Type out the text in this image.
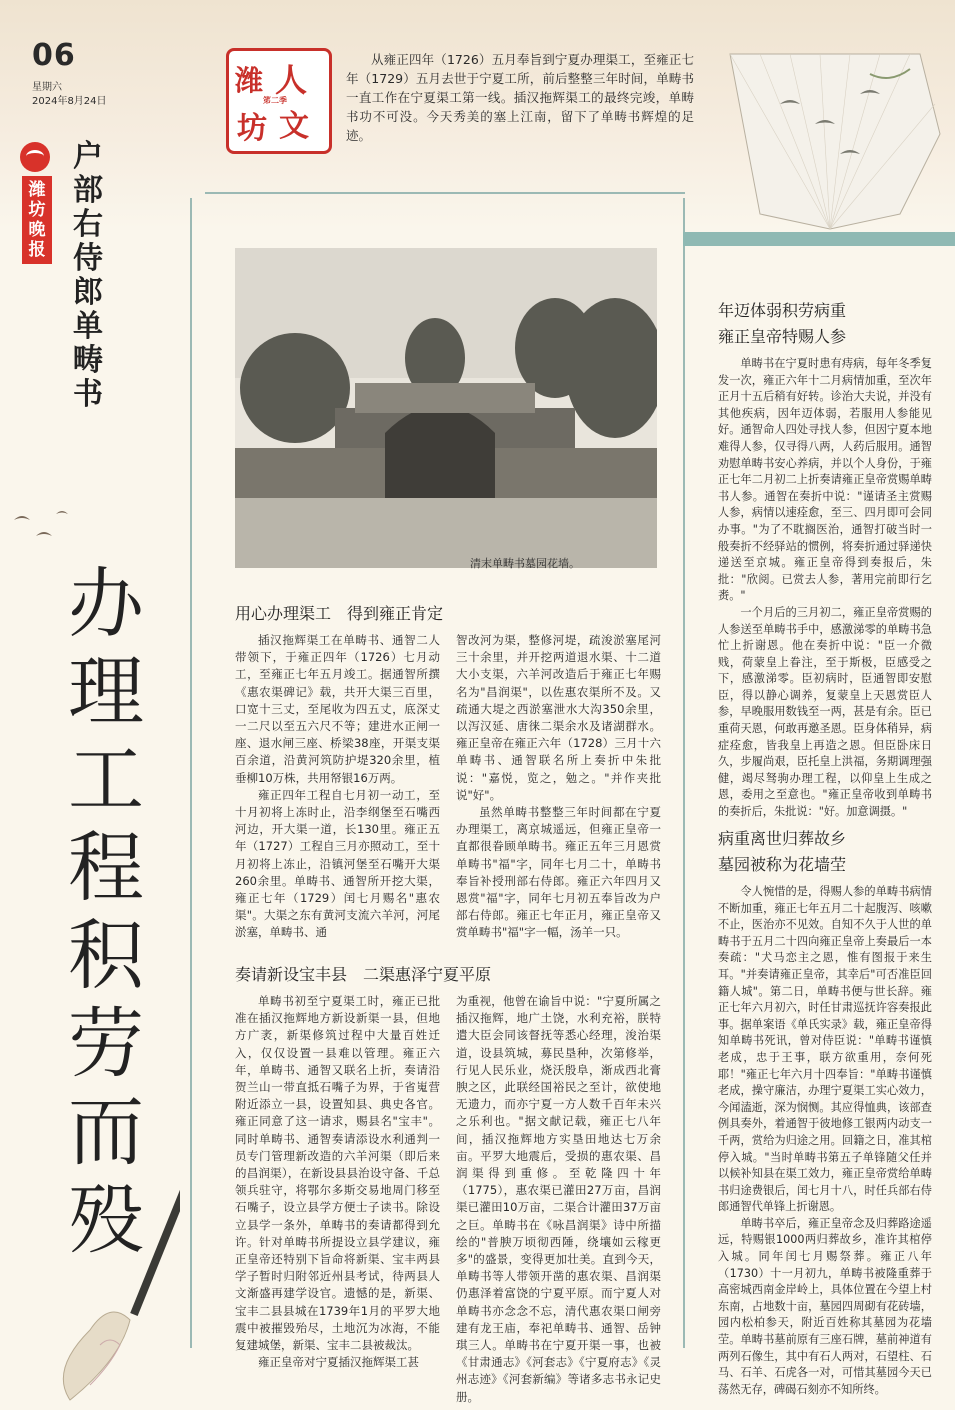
06
星期六
2024年8月24日
潍坊晚报
户部右侍郎单畴书
办理工程积劳而殁
潍 人
坊 文
笫二季
从雍正四年（1726）五月奉旨到宁夏办理渠工，至雍正七年（1729）五月去世于宁夏工所，前后整整三年时间，单畴书一直工作在宁夏渠工第一线。插汉拖辉渠工的最终完竣，单畴书功不可没。今天秀美的塞上江南，留下了单畴书辉煌的足迹。
清末单畴书墓园花墙。
用心办理渠工　得到雍正肯定

插汉拖辉渠工在单畴书、通智二人带领下，于雍正四年（1726）七月动工，至雍正七年五月竣工。据通智所撰《惠农渠碑记》载，共开大渠三百里，口宽十三丈，至尾收为四五丈，底深丈一二尺以至五六尺不等；建进水正闸一座、退水闸三座、桥梁38座，开渠支渠百余道，沿黄河筑防护堤320余里，植垂柳10万株，共用帑银16万两。

雍正四年工程自七月初一动工，至十月初将上冻时止，沿李纲堡至石嘴西河边，开大渠一道，长130里。雍正五年（1727）工程自三月亦照动工，至十月初将上冻止，沿镇河堡至石嘴开大渠260余里。单畴书、通智所开挖大渠，雍正七年（1729）闰七月赐名"惠农渠"。大渠之东有黄河支流六羊河，河尾淤塞，单畴书、通

智改河为渠，整修河堤，疏浚淤塞尾河三十余里，并开挖两道退水渠、十二道大小支渠，六羊河改造后于雍正七年赐名为"昌润渠"，以佐惠农渠所不及。又疏通大堤之西淤塞泄水大沟350余里，以泻汉延、唐徕二渠余水及诸湖群水。雍正皇帝在雍正六年（1728）三月十六单畴书、通智联名所上奏折中朱批说："嘉悦，览之，勉之。"并作夹批说"好"。

虽然单畴书整整三年时间都在宁夏办理渠工，离京城遥远，但雍正皇帝一直都很眷顾单畴书。雍正五年三月恩赏单畴书"福"字，同年七月二十，单畴书奉旨补授刑部右侍郎。雍正六年四月又恩赏"福"字，同年七月初五奉旨改为户部右侍郎。雍正七年正月，雍正皇帝又赏单畴书"福"字一幅，汤羊一只。

奏请新设宝丰县　二渠惠泽宁夏平原

单畴书初至宁夏渠工时，雍正已批准在插汉拖辉地方新设新渠一县，但地方广袤，新渠修筑过程中大量百姓迁入，仅仅设置一县难以管理。雍正六年，单畴书、通智又联名上折，奏请沿贺兰山一带直抵石嘴子为界，于省嵬营附近添立一县，设置知县、典史各官。雍正同意了这一请求，赐县名"宝丰"。同时单畴书、通智奏请添设水利通判一员专门管理新改造的六羊河渠（即后来的昌润渠），在新设县县治设守备、千总领兵驻守，将鄂尔多斯交易地周门移至石嘴子，设立县学方便士子读书。除设立县学一条外，单畴书的奏请都得到允许。针对单畴书所提设立县学建议，雍正皇帝还特别下旨命将新渠、宝丰两县学子暂时归附邻近州县考试，待两县人文渐盛再建学设官。遗憾的是，新渠、宝丰二县县城在1739年1月的平罗大地震中被摧毁殆尽，土地沉为冰海，不能复建城堡，新渠、宝丰二县被裁汰。

雍正皇帝对宁夏插汉拖辉渠工甚

为重视，他曾在谕旨中说："宁夏所属之插汉拖辉，地广土饶，水利充裕，朕特遣大臣会同该督抚等悉心经理，浚治渠道，设县筑城，募民垦种，次第修举，行见人民乐业，烧沃殷阜，渐成西北膏腴之区，此联经国裕民之至计，欲使地无遗力，而亦宁夏一方人数千百年未兴之乐利也。"据文献记载，雍正七八年间，插汉拖辉地方实垦田地达七万余亩。平罗大地震后，受损的惠农渠、昌润渠得到重修。至乾隆四十年（1775），惠农渠已灌田27万亩，昌润渠已灌田10万亩，二渠合计灌田37万亩之巨。单畴书在《咏昌润渠》诗中所描绘的"普腴万顷彻西陲，绕壤如云稼更多"的盛景，变得更加壮美。直到今天，单畴书等人带领开凿的惠农渠、昌润渠仍惠泽着富饶的宁夏平原。而宁夏人对单畴书亦念念不忘，清代惠农渠口闸旁建有龙王庙，奉祀单畴书、通智、岳钟琪三人。单畴书在宁夏开渠一事，也被《甘肃通志》《河套志》《宁夏府志》《灵州志迹》《河套新编》等诸多志书永记史册。

年迈体弱积劳病重
雍正皇帝特赐人参

单畴书在宁夏时患有痔病，每年冬季复发一次，雍正六年十二月病情加重，至次年正月十五后稍有好转。诊治大夫说，并没有其他疾病，因年迈体弱，若服用人参能见好。通智命人四处寻找人参，但因宁夏本地难得人参，仅寻得八两，人药后服用。通智劝慰单畴书安心养病，并以个人身份，于雍正七年二月初二上折奏请雍正皇帝赏赐单畴书人参。通智在奏折中说："谨请圣主赏赐人参，病情以速痊愈，至三、四月即可会同办事。"为了不耽搁医治，通智打破当时一般奏折不经驿站的惯例，将奏折通过驿递快递送至京城。雍正皇帝得到奏报后，朱批："欣阅。已赏去人参，著用完前即行乞赉。"

一个月后的三月初二，雍正皇帝赏赐的人参送至单畴书手中，感激涕零的单畴书急忙上折谢恩。他在奏折中说："臣一介微贱，荷蒙皇上眷注，至于斯极，臣感受之下，感激涕零。臣初病时，臣通智即安慰臣，得以静心调养，复蒙皇上天恩赏臣人参，早晚服用数钱至一两，甚是有余。臣已重荷天恩，何敢再邀圣恩。臣身体稍异，病症痊愈，皆我皇上再造之恩。但臣卧床日久，步履尚艰，臣托皇上洪福，务期调理强健，竭尽驽驹办理工程，以仰皇上生成之恩，委用之至意也。"雍正皇帝收到单畴书的奏折后，朱批说："好。加意调摄。"

病重离世归葬故乡
墓园被称为花墙茔

令人惋惜的是，得赐人参的单畴书病情不断加重，雍正七年五月二十起腹泻、咳嗽不止，医治亦不见效。自知不久于人世的单畴书于五月二十四向雍正皇帝上奏最后一本奏疏："犬马恋主之恩，惟有图报于来生耳。"并奏请雍正皇帝，其幸后"可否准臣回籍人城"。第二日，单畴书便与世长辞。雍正七年六月初六，时任甘肃巡抚许容奏报此事。据单案语《单氏实录》载，雍正皇帝得知单畴书死讯，曾对侍臣说："单畴书谨慎老成，忠于王事，联方欲重用，奈何死耶！"雍正七年六月十四奉旨："单畴书谨慎老成，操守廉洁，办理宁夏渠工实心效力，今闻溘逝，深为悯恻。其应得恤典，该部查例具奏外，着通智于彼地修工银两内动支一千两，赏给为归途之用。回籍之日，准其棺停入城。"当时单畴书第五子单锋随父任并以候补知县在渠工效力，雍正皇帝赏给单畴书归途费银后，闰七月十八，时任兵部右侍郎通智代单锋上折谢恩。

单畴书卒后，雍正皇帝念及归葬路途遥远，特赐银1000两归葬故乡，准许其棺停入城。同年闰七月赐祭葬。雍正八年（1730）十一月初九，单畴书被隆重葬于高密城西南金岸岭上，具体位置在今望上村东南，占地数十亩，墓园四周砌有花砖墙，园内松柏参天，附近百姓称其墓园为花墙茔。单畴书墓前原有三座石牌，墓前神道有两列石像生，其中有石人两对，石望柱、石马、石羊、石虎各一对，可惜其墓园今天已荡然无存，碑碣石刻亦不知所终。
